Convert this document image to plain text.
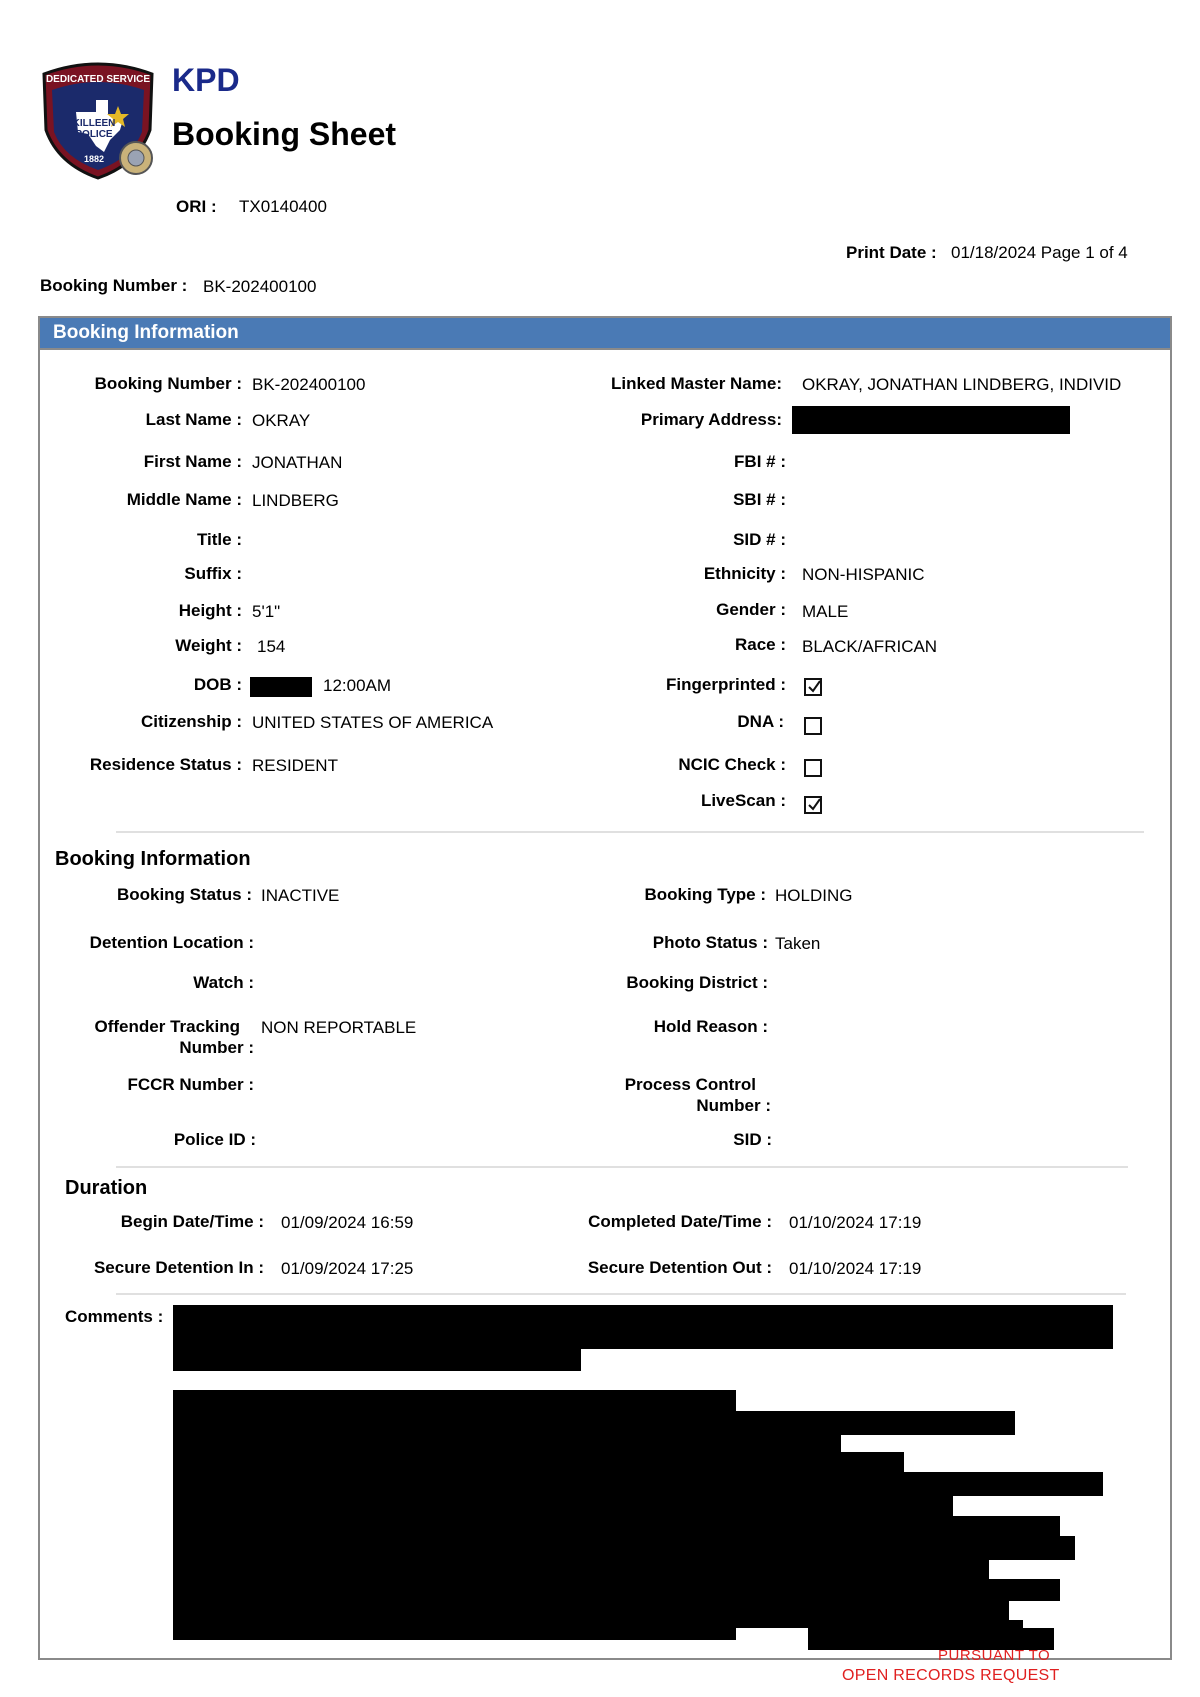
DEDICATED SERVICE
KILLEEN
POLICE
1882
KPD
Booking Sheet
ORI : TX0140400
Print Date : 01/18/2024 Page 1 of 4
Booking Number : BK-202400100
Booking Information
Booking Number : BK-202400100
Last Name : OKRAY
First Name : JONATHAN
Middle Name : LINDBERG
Title :
Suffix :
Height : 5'1"
Weight : 154
DOB :	12:00AM
Citizenship : UNITED STATES OF AMERICA
Residence Status : RESIDENT
Linked Master Name: OKRAY, JONATHAN LINDBERG, INDIVID
Primary Address:
FBI # :
SBI # :
SID # :
Ethnicity : NON-HISPANIC
Gender : MALE
Race : BLACK/AFRICAN
Fingerprinted :
DNA :
NCIC Check :
LiveScan :
Booking Information
Booking Status : INACTIVE
Detention Location :
Watch :
Offender Tracking
Number :
NON REPORTABLE
FCCR Number :
Police ID :
Booking Type : HOLDING
Photo Status : Taken
Booking District :
Hold Reason :
Process Control
Number :
SID :
Duration
Begin Date/Time : 01/09/2024 16:59
Secure Detention In : 01/09/2024 17:25
Completed Date/Time : 01/10/2024 17:19
Secure Detention Out : 01/10/2024 17:19
Comments :
PURSUANT TO
OPEN RECORDS REQUEST
